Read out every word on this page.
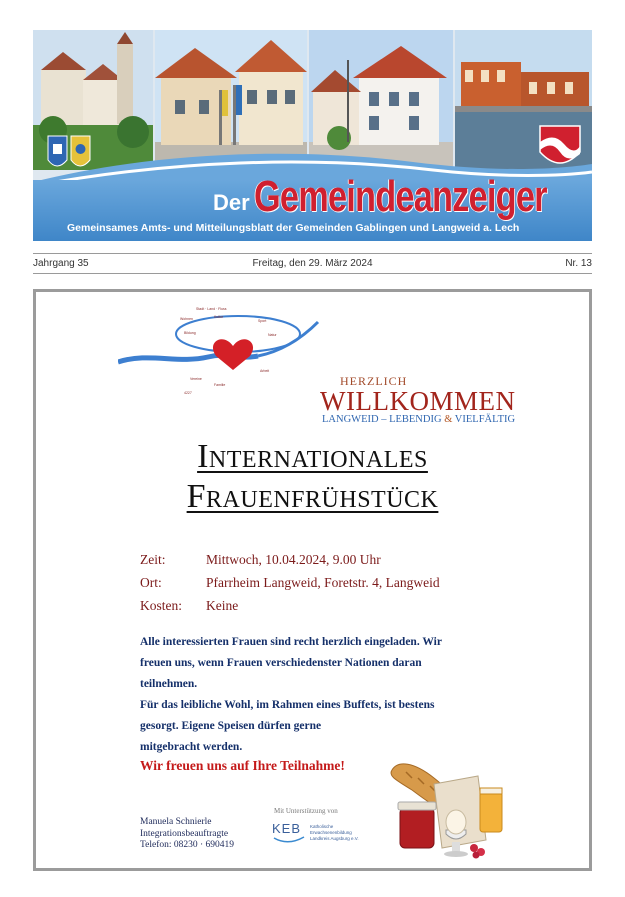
Der Gemeindeanzeiger
Gemeinsames Amts- und Mitteilungsblatt der Gemeinden Gablingen und Langweid a. Lech
Jahrgang 35	Freitag, den 29. März 2024	Nr. 13
Stadt · Land · Fluss
Wohnen	Kultur
Sport
Bildung	Natur
Vereine
Familie
Arbeit
4227
HERZLICH
WILLKOMMEN
LANGWEID – LEBENDIG & VIELFÄLTIG
Internationales
Frauenfrühstück
Zeit:	Mittwoch, 10.04.2024, 9.00 Uhr
Ort:	Pfarrheim Langweid, Foretstr. 4, Langweid
Kosten: Keine
Alle interessierten Frauen sind recht herzlich eingeladen. Wir
freuen uns, wenn Frauen verschiedenster Nationen daran
teilnehmen.
Für das leibliche Wohl, im Rahmen eines Buffets, ist bestens
gesorgt. Eigene Speisen dürfen gerne
mitgebracht werden.
Wir freuen uns auf Ihre Teilnahme!
Manuela Schnierle
Integrationsbeauftragte
Telefon: 08230 · 690419
Mit Unterstützung von
KEB Katholische
Erwachsenenbildung
Landkreis Augsburg e.V.
